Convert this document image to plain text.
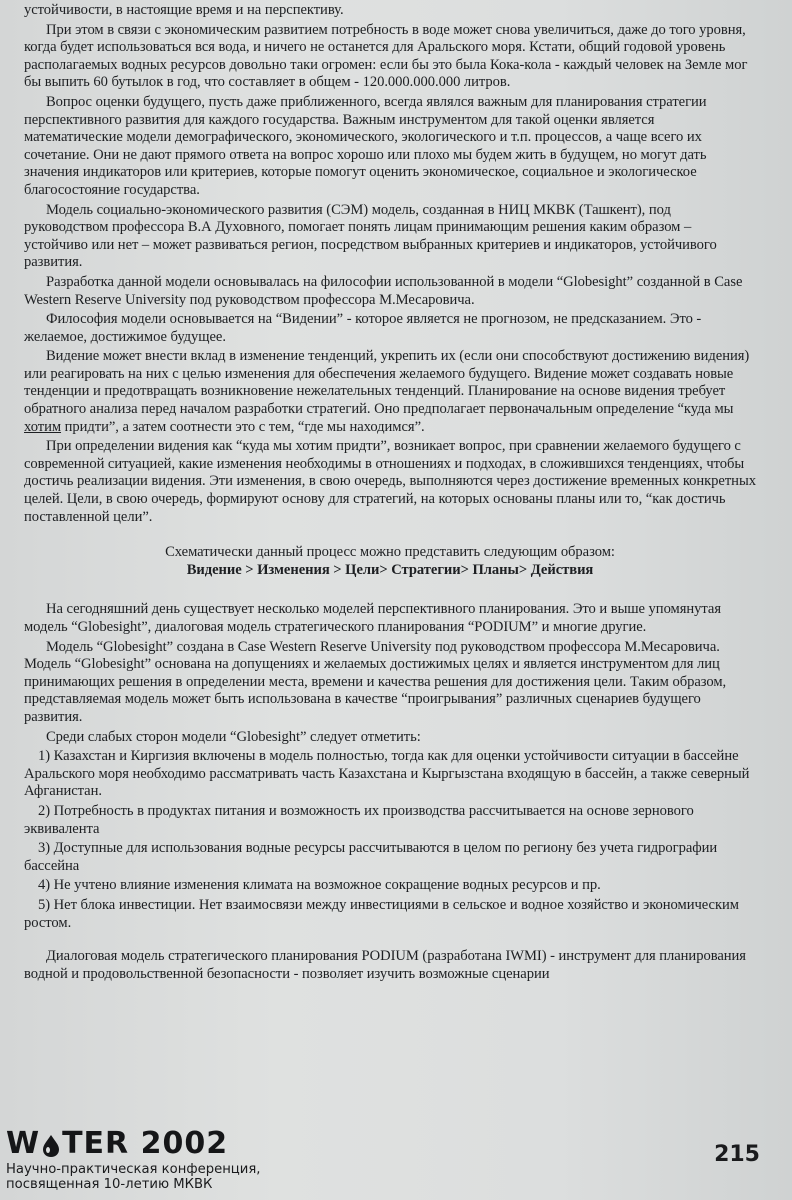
устойчивости, в настоящие время и на перспективу.

При этом в связи с экономическим развитием потребность в воде может снова увеличиться, даже до того уровня, когда будет использоваться вся вода, и ничего не останется для Аральского моря. Кстати, общий годовой уровень располагаемых водных ресурсов довольно таки огромен: если бы это была Кока-кола - каждый человек на Земле мог бы выпить 60 бутылок в год, что составляет в общем - 120.000.000.000 литров.

Вопрос оценки будущего, пусть даже приближенного, всегда являлся важным для планирования стратегии перспективного развития для каждого государства. Важным инструментом для такой оценки является математические модели демографического, экономического, экологического и т.п. процессов, а чаще всего их сочетание. Они не дают прямого ответа на вопрос хорошо или плохо мы будем жить в будущем, но могут дать значения индикаторов или критериев, которые помогут оценить экономическое, социальное и экологическое благосостояние государства.

Модель социально-экономического развития (СЭМ) модель, созданная в НИЦ МКВК (Ташкент), под руководством профессора В.А Духовного, помогает понять лицам принимающим решения каким образом – устойчиво или нет – может развиваться регион, посредством выбранных критериев и индикаторов, устойчивого развития.

Разработка данной модели основывалась на философии использованной в модели “Globesight” созданной в Case Western Reserve University под руководством профессора М.Месаровича.

Философия модели основывается на “Видении” - которое является не прогнозом, не предсказанием. Это - желаемое, достижимое будущее.

Видение может внести вклад в изменение тенденций, укрепить их (если они способствуют достижению видения) или реагировать на них с целью изменения для обеспечения желаемого будущего. Видение может создавать новые тенденции и предотвращать возникновение нежелательных тенденций. Планирование на основе видения требует обратного анализа перед началом разработки стратегий. Оно предполагает первоначальным определение “куда мы хотим придти”, а затем соотнести это с тем, “где мы находимся”.

При определении видения как “куда мы хотим придти”, возникает вопрос, при сравнении желаемого будущего с современной ситуацией, какие изменения необходимы в отношениях и подходах, в сложившихся тенденциях, чтобы достичь реализации видения. Эти изменения, в свою очередь, выполняются через достижение временных конкретных целей. Цели, в свою очередь, формируют основу для стратегий, на которых основаны планы или то, “как достичь поставленной цели”.

Схематически данный процесс можно представить следующим образом:
Видение > Изменения > Цели> Стратегии> Планы> Действия

На сегодняшний день существует несколько моделей перспективного планирования. Это и выше упомянутая модель “Globesight”, диалоговая модель стратегического планирования “PODIUM” и многие другие.

Модель “Globesight” создана в Case Western Reserve University под руководством профессора М.Месаровича. Модель “Globesight” основана на допущениях и желаемых достижимых целях и является инструментом для лиц принимающих решения в определении места, времени и качества решения для достижения цели. Таким образом, представляемая модель может быть использована в качестве “проигрывания” различных сценариев будущего развития.

Среди слабых сторон модели “Globesight” следует отметить:

1) Казахстан и Киргизия включены в модель полностью, тогда как для оценки устойчивости ситуации в бассейне Аральского моря необходимо рассматривать часть Казахстана и Кыргызстана входящую в бассейн, а также северный Афганистан.

2) Потребность в продуктах питания и возможность их производства рассчитывается на основе зернового эквивалента

3) Доступные для использования водные ресурсы рассчитываются в целом по региону без учета гидрографии бассейна

4) Не учтено влияние изменения климата на возможное сокращение водных ресурсов и пр.

5) Нет блока инвестиции. Нет взаимосвязи между инвестициями в сельское и водное хозяйство и экономическим ростом.

Диалоговая модель стратегического планирования PODIUM (разработана IWMI) - инструмент для планирования водной и продовольственной безопасности - позволяет изучить возможные сценарии

W TER 2002
Научно-практическая конференция,
посвященная 10-летию МКВК
215
